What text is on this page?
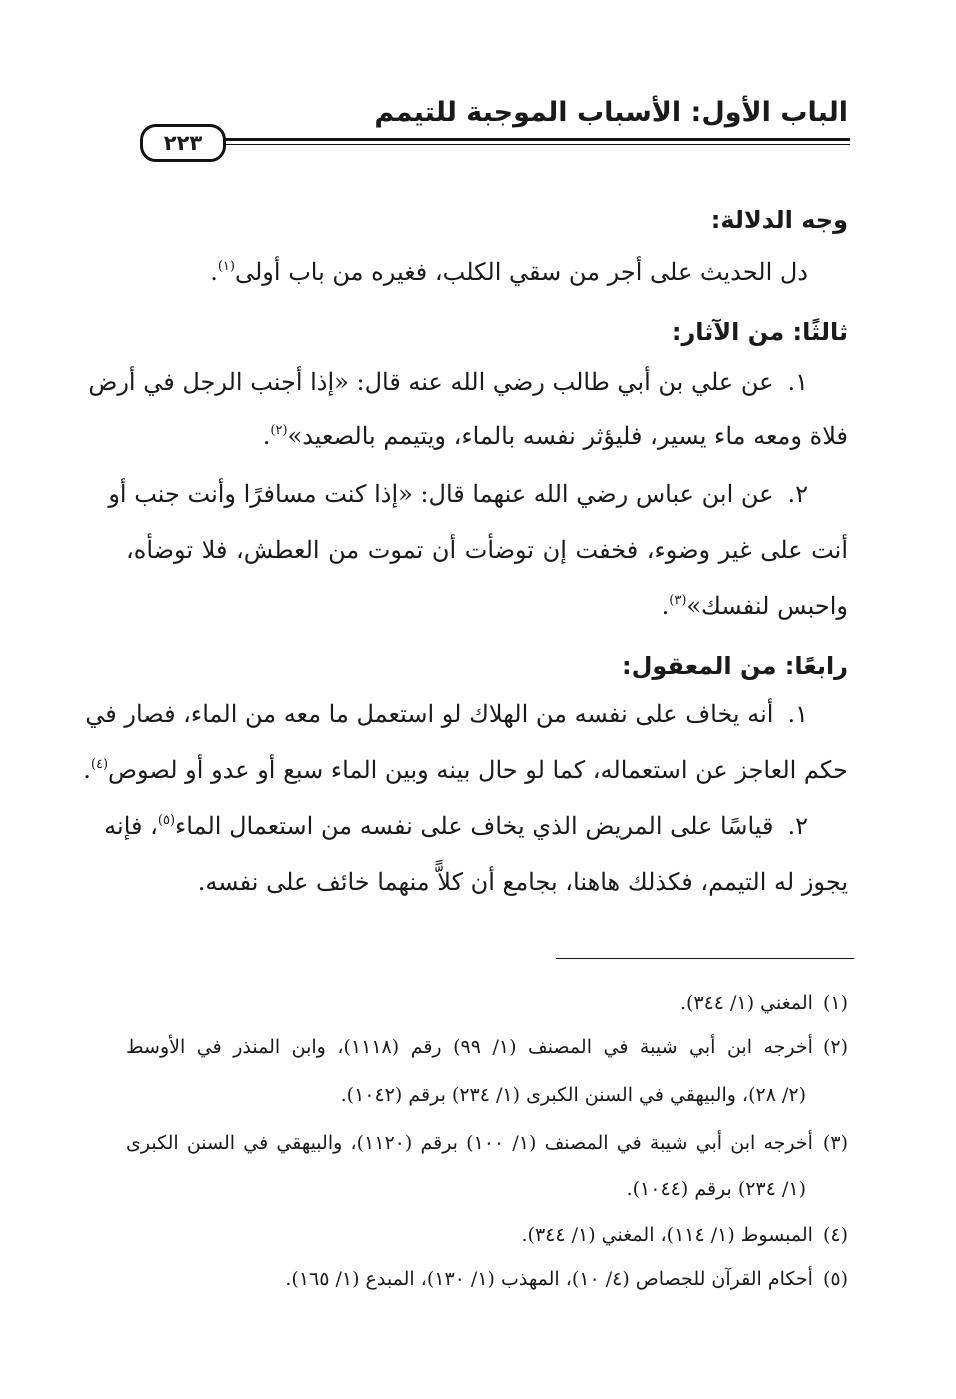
الباب الأول: الأسباب الموجبة للتيمم
٢٢٣
وجه الدلالة:
دل الحديث على أجر من سقي الكلب، فغيره من باب أولى$^{(١)}$.
ثالثًا: من الآثار:
١.عن علي بن أبي طالب رضي الله عنه قال: «إذا أجنب الرجل في أرض
فلاة ومعه ماء يسير، فليؤثر نفسه بالماء، ويتيمم بالصعيد»$^{(٢)}$.
٢.عن ابن عباس رضي الله عنهما قال: «إذا كنت مسافرًا وأنت جنب أو
أنت على غير وضوء، فخفت إن توضأت أن تموت من العطش، فلا توضأه،
واحبس لنفسك»$^{(٣)}$.
رابعًا: من المعقول:
١.أنه يخاف على نفسه من الهلاك لو استعمل ما معه من الماء، فصار في
حكم العاجز عن استعماله، كما لو حال بينه وبين الماء سبع أو عدو أو لصوص$^{(٤)}$.
٢.قياسًا على المريض الذي يخاف على نفسه من استعمال الماء$^{(٥)}$، فإنه
يجوز له التيمم، فكذلك هاهنا، بجامع أن كلاًّ منهما خائف على نفسه.
(١)المغني (١/ ٣٤٤).
(٢)أخرجه ابن أبي شيبة في المصنف (١/ ٩٩) رقم (١١١٨)، وابن المنذر في الأوسط
(٢/ ٢٨)، والبيهقي في السنن الكبرى (١/ ٢٣٤) برقم (١٠٤٢).
(٣)أخرجه ابن أبي شيبة في المصنف (١/ ١٠٠) برقم (١١٢٠)، والبيهقي في السنن الكبرى
(١/ ٢٣٤) برقم (١٠٤٤).
(٤)المبسوط (١/ ١١٤)، المغني (١/ ٣٤٤).
(٥)أحكام القرآن للجصاص (٤/ ١٠)، المهذب (١/ ١٣٠)، المبدع (١/ ١٦٥).
